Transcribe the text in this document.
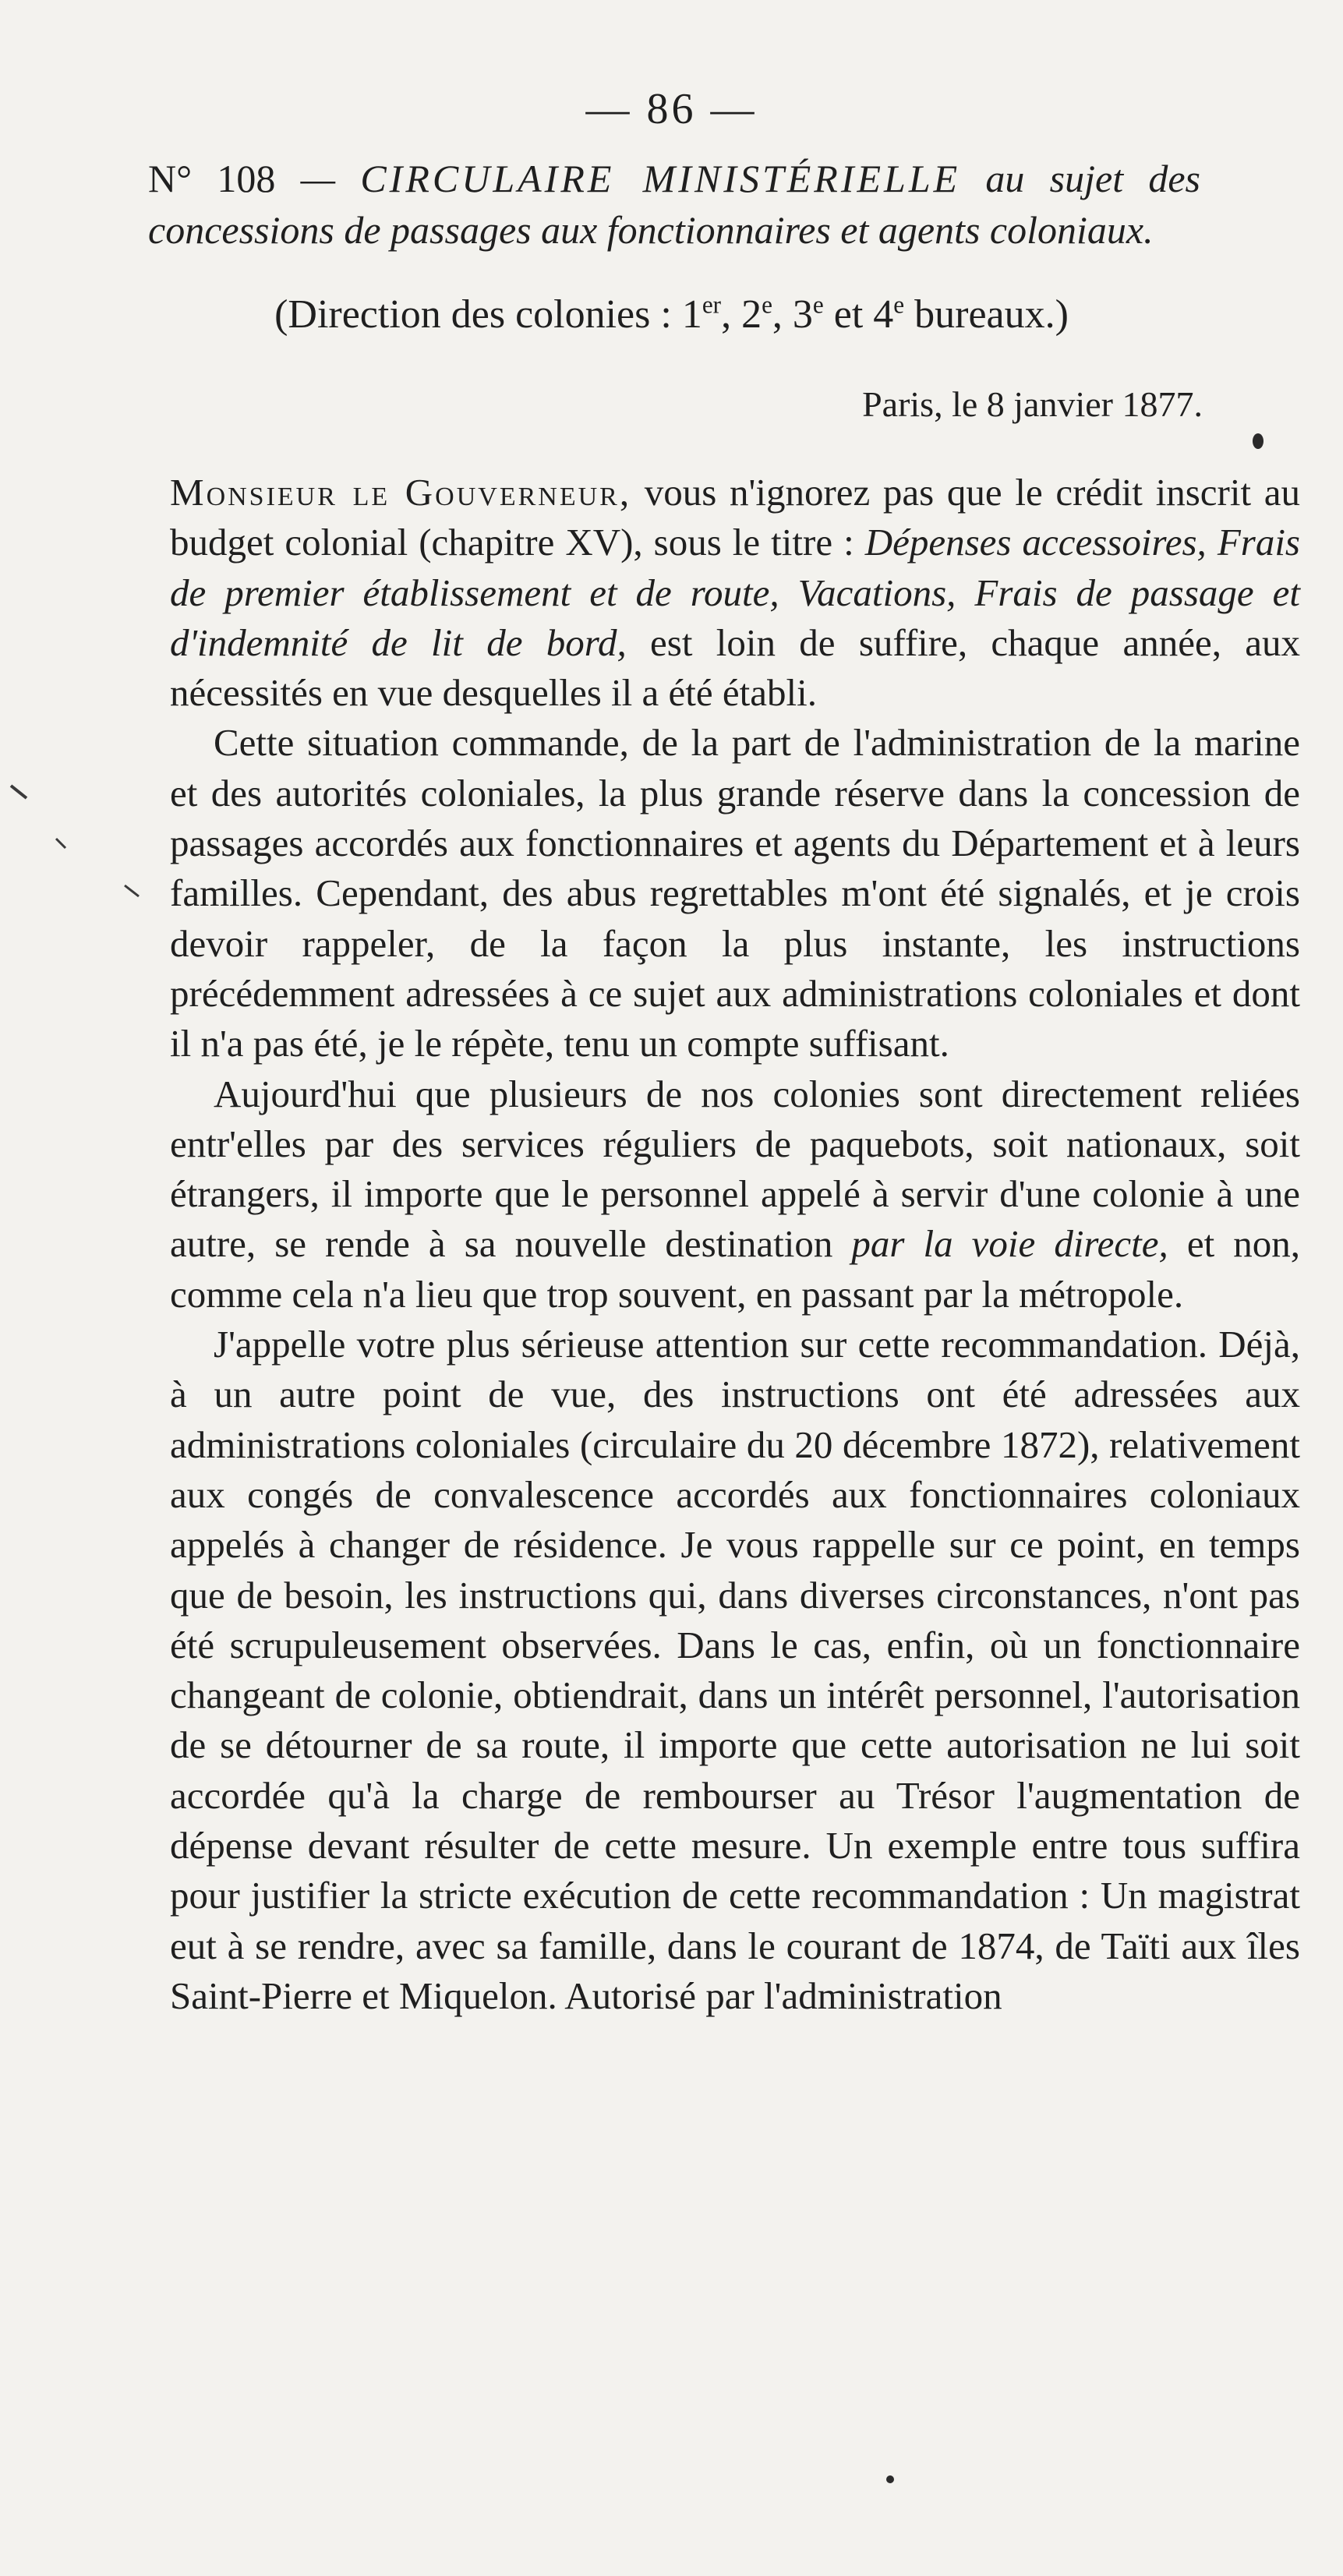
— 86 —
N° 108 — CIRCULAIRE MINISTÉRIELLE au sujet des concessions de passages aux fonctionnaires et agents coloniaux.
(Direction des colonies : 1er, 2e, 3e et 4e bureaux.)
Paris, le 8 janvier 1877.

Monsieur le Gouverneur, vous n'ignorez pas que le crédit inscrit au budget colonial (chapitre XV), sous le titre : Dépenses accessoires, Frais de premier établissement et de route, Vacations, Frais de passage et d'indemnité de lit de bord, est loin de suffire, chaque année, aux nécessités en vue desquelles il a été établi.

Cette situation commande, de la part de l'administration de la marine et des autorités coloniales, la plus grande réserve dans la concession de passages accordés aux fonctionnaires et agents du Département et à leurs familles. Cependant, des abus regrettables m'ont été signalés, et je crois devoir rappeler, de la façon la plus instante, les instructions précédemment adressées à ce sujet aux administrations coloniales et dont il n'a pas été, je le répète, tenu un compte suffisant.

Aujourd'hui que plusieurs de nos colonies sont directement reliées entr'elles par des services réguliers de paquebots, soit nationaux, soit étrangers, il importe que le personnel appelé à servir d'une colonie à une autre, se rende à sa nouvelle destination par la voie directe, et non, comme cela n'a lieu que trop souvent, en passant par la métropole.

J'appelle votre plus sérieuse attention sur cette recommandation. Déjà, à un autre point de vue, des instructions ont été adressées aux administrations coloniales (circulaire du 20 décembre 1872), relativement aux congés de convalescence accordés aux fonctionnaires coloniaux appelés à changer de résidence. Je vous rappelle sur ce point, en temps que de besoin, les instructions qui, dans diverses circonstances, n'ont pas été scrupuleusement observées. Dans le cas, enfin, où un fonctionnaire changeant de colonie, obtiendrait, dans un intérêt personnel, l'autorisation de se détourner de sa route, il importe que cette autorisation ne lui soit accordée qu'à la charge de rembourser au Trésor l'augmentation de dépense devant résulter de cette mesure. Un exemple entre tous suffira pour justifier la stricte exécution de cette recommandation : Un magistrat eut à se rendre, avec sa famille, dans le courant de 1874, de Taïti aux îles Saint-Pierre et Miquelon. Autorisé par l'administration
